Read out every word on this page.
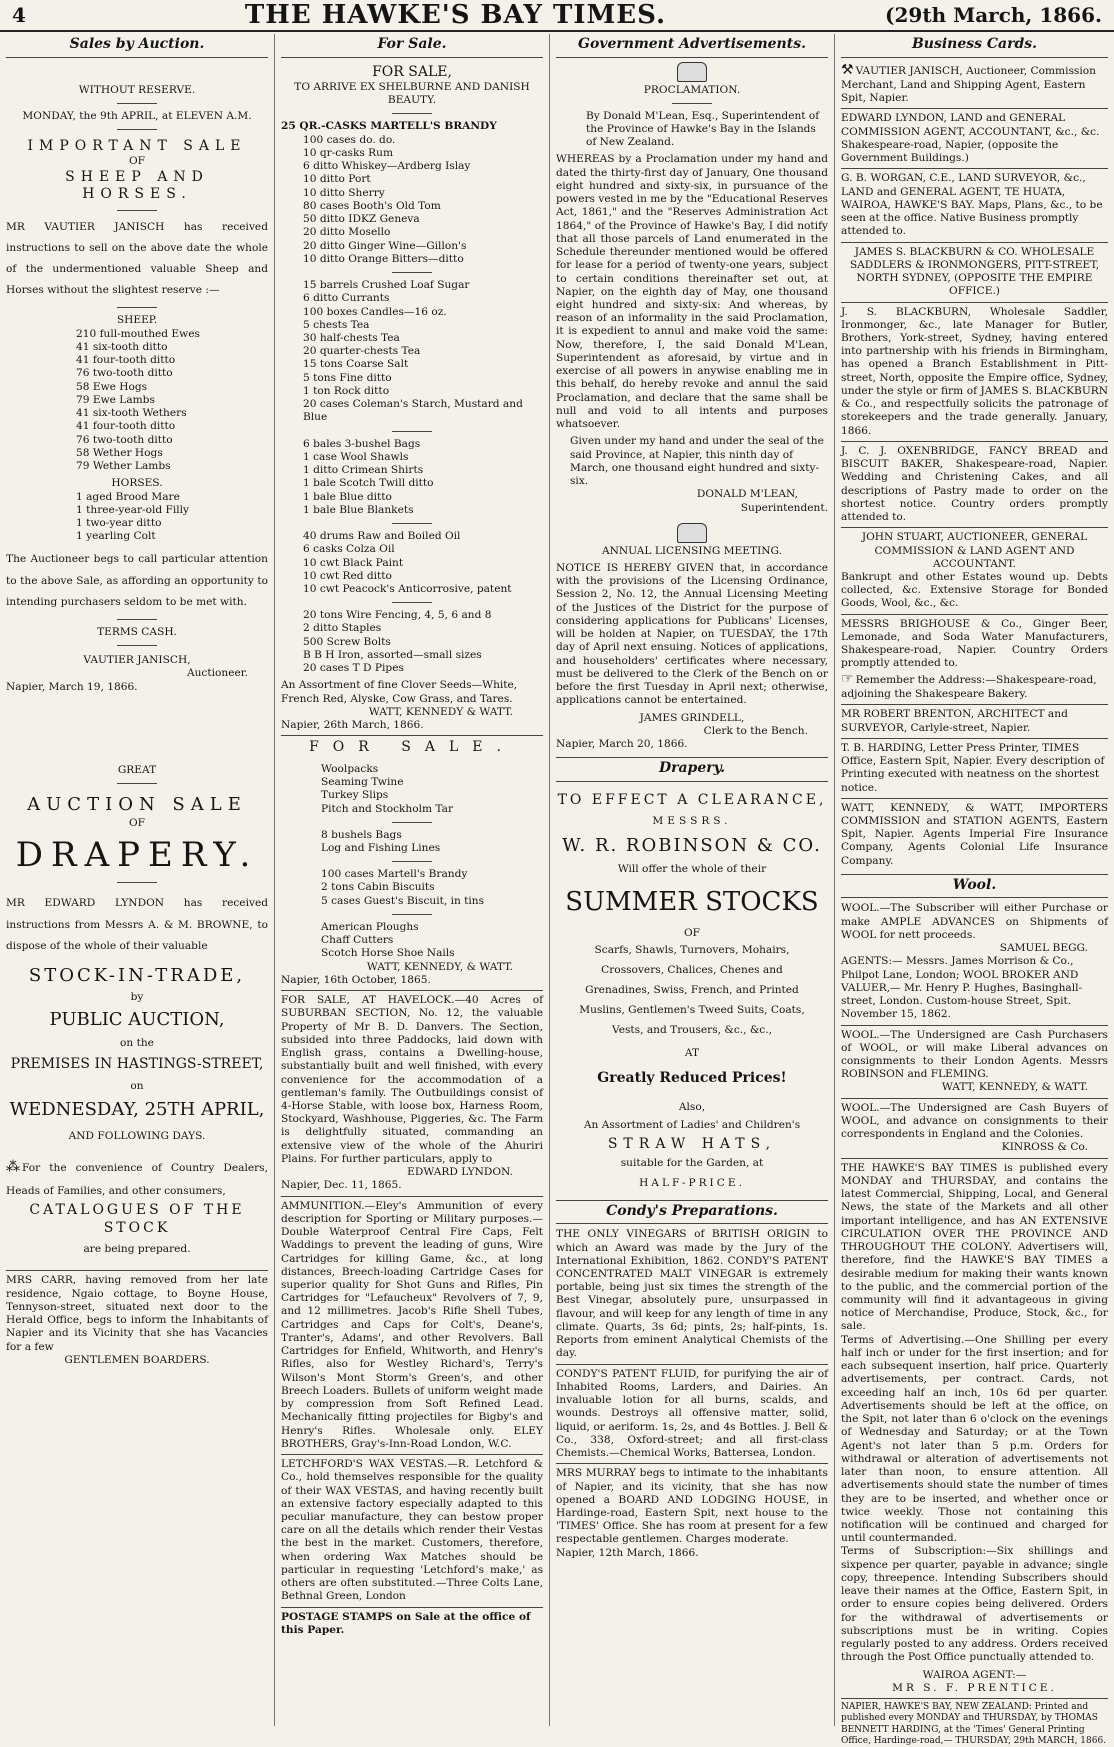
4	THE HAWKE'S BAY TIMES.	(29th March, 1866.
Sales by Auction.
WITHOUT RESERVE.
MONDAY, the 9th APRIL, at ELEVEN A.M.
IMPORTANT SALE
OF
SHEEP AND HORSES.
MR VAUTIER JANISCH has received instructions to sell on the above date the whole of the undermentioned valuable Sheep and Horses without the slightest reserve :—
SHEEP.
210 full-mouthed Ewes
41 six-tooth ditto
41 four-tooth ditto
76 two-tooth ditto
58 Ewe Hogs
79 Ewe Lambs
41 six-tooth Wethers
41 four-tooth ditto
76 two-tooth ditto
58 Wether Hogs
79 Wether Lambs
HORSES.
1 aged Brood Mare
1 three-year-old Filly
1 two-year ditto
1 yearling Colt
The Auctioneer begs to call particular attention to the above Sale, as affording an opportunity to intending purchasers seldom to be met with.
TERMS CASH.
VAUTIER JANISCH,
Auctioneer.
Napier, March 19, 1866.
GREAT
AUCTION SALE
OF
DRAPERY.
MR EDWARD LYNDON has received instructions from Messrs A. & M. BROWNE, to dispose of the whole of their valuable
STOCK-IN-TRADE,
by
PUBLIC AUCTION,
on the
PREMISES IN HASTINGS-STREET,
on
WEDNESDAY, 25TH APRIL,
AND FOLLOWING DAYS.
⁂ For the convenience of Country Dealers, Heads of Families, and other consumers,
CATALOGUES OF THE STOCK
are being prepared.
MRS CARR, having removed from her late residence, Ngaio cottage, to Boyne House, Tennyson-street, situated next door to the Herald Office, begs to inform the Inhabitants of Napier and its Vicinity that she has Vacancies for a few
GENTLEMEN BOARDERS.
For Sale.
FOR SALE,
TO ARRIVE EX SHELBURNE AND DANISH BEAUTY.
25 QR.-CASKS MARTELL'S BRANDY
100 cases do. do.
10 qr-casks Rum
6 ditto Whiskey—Ardberg Islay
10 ditto Port
10 ditto Sherry
80 cases Booth's Old Tom
50 ditto IDKZ Geneva
20 ditto Mosello
20 ditto Ginger Wine—Gillon's
10 ditto Orange Bitters—ditto
15 barrels Crushed Loaf Sugar
6 ditto Currants
100 boxes Candles—16 oz.
5 chests Tea
30 half-chests Tea
20 quarter-chests Tea
15 tons Coarse Salt
5 tons Fine ditto
1 ton Rock ditto
20 cases Coleman's Starch, Mustard and Blue
6 bales 3-bushel Bags
1 case Wool Shawls
1 ditto Crimean Shirts
1 bale Scotch Twill ditto
1 bale Blue ditto
1 bale Blue Blankets
40 drums Raw and Boiled Oil
6 casks Colza Oil
10 cwt Black Paint
10 cwt Red ditto
10 cwt Peacock's Anticorrosive, patent
20 tons Wire Fencing, 4, 5, 6 and 8
2 ditto Staples
500 Screw Bolts
B B H Iron, assorted—small sizes
20 cases T D Pipes
An Assortment of fine Clover Seeds—White, French Red, Alyske, Cow Grass, and Tares.
WATT, KENNEDY & WATT.
Napier, 26th March, 1866.
FOR SALE.
Woolpacks
Seaming Twine
Turkey Slips
Pitch and Stockholm Tar
8 bushels Bags
Log and Fishing Lines
100 cases Martell's Brandy
2 tons Cabin Biscuits
5 cases Guest's Biscuit, in tins
American Ploughs
Chaff Cutters
Scotch Horse Shoe Nails
WATT, KENNEDY, & WATT.
Napier, 16th October, 1865.
FOR SALE, AT HAVELOCK.—40 Acres of SUBURBAN SECTION, No. 12, the valuable Property of Mr B. D. Danvers. The Section, subsided into three Paddocks, laid down with English grass, contains a Dwelling-house, substantially built and well finished, with every convenience for the accommodation of a gentleman's family. The Outbuildings consist of 4-Horse Stable, with loose box, Harness Room, Stockyard, Washhouse, Piggeries, &c. The Farm is delightfully situated, commanding an extensive view of the whole of the Ahuriri Plains. For further particulars, apply to
EDWARD LYNDON.
Napier, Dec. 11, 1865.
AMMUNITION.—Eley's Ammunition of every description for Sporting or Military purposes.—Double Waterproof Central Fire Caps, Felt Waddings to prevent the leading of guns, Wire Cartridges for killing Game, &c., at long distances, Breech-loading Cartridge Cases for superior quality for Shot Guns and Rifles, Pin Cartridges for "Lefaucheux" Revolvers of 7, 9, and 12 millimetres. Jacob's Rifle Shell Tubes, Cartridges and Caps for Colt's, Deane's, Tranter's, Adams', and other Revolvers. Ball Cartridges for Enfield, Whitworth, and Henry's Rifles, also for Westley Richard's, Terry's Wilson's Mont Storm's Green's, and other Breech Loaders. Bullets of uniform weight made by compression from Soft Refined Lead. Mechanically fitting projectiles for Bigby's and Henry's Rifles. Wholesale only. ELEY BROTHERS, Gray's-Inn-Road London, W.C.
LETCHFORD'S WAX VESTAS.—R. Letchford & Co., hold themselves responsible for the quality of their WAX VESTAS, and having recently built an extensive factory especially adapted to this peculiar manufacture, they can bestow proper care on all the details which render their Vestas the best in the market. Customers, therefore, when ordering Wax Matches should be particular in requesting 'Letchford's make,' as others are often substituted.—Three Colts Lane, Bethnal Green, London
POSTAGE STAMPS on Sale at the office of this Paper.
Government Advertisements.
PROCLAMATION.
By Donald M'Lean, Esq., Superintendent of the Province of Hawke's Bay in the Islands of New Zealand.
WHEREAS by a Proclamation under my hand and dated the thirty-first day of January, One thousand eight hundred and sixty-six, in pursuance of the powers vested in me by the "Educational Reserves Act, 1861," and the "Reserves Administration Act 1864," of the Province of Hawke's Bay, I did notify that all those parcels of Land enumerated in the Schedule thereunder mentioned would be offered for lease for a period of twenty-one years, subject to certain conditions thereinafter set out, at Napier, on the eighth day of May, one thousand eight hundred and sixty-six: And whereas, by reason of an informality in the said Proclamation, it is expedient to annul and make void the same: Now, therefore, I, the said Donald M'Lean, Superintendent as aforesaid, by virtue and in exercise of all powers in anywise enabling me in this behalf, do hereby revoke and annul the said Proclamation, and declare that the same shall be null and void to all intents and purposes whatsoever.
Given under my hand and under the seal of the said Province, at Napier, this ninth day of March, one thousand eight hundred and sixty-six.
DONALD M'LEAN,
Superintendent.
ANNUAL LICENSING MEETING.
NOTICE IS HEREBY GIVEN that, in accordance with the provisions of the Licensing Ordinance, Session 2, No. 12, the Annual Licensing Meeting of the Justices of the District for the purpose of considering applications for Publicans' Licenses, will be holden at Napier, on TUESDAY, the 17th day of April next ensuing. Notices of applications, and householders' certificates where necessary, must be delivered to the Clerk of the Bench on or before the first Tuesday in April next; otherwise, applications cannot be entertained.
JAMES GRINDELL,
Clerk to the Bench.
Napier, March 20, 1866.
Drapery.
TO EFFECT A CLEARANCE,
MESSRS.
W. R. ROBINSON & CO.
Will offer the whole of their
SUMMER STOCKS
OF
Scarfs, Shawls, Turnovers, Mohairs, Crossovers, Chalices, Chenes and Grenadines, Swiss, French, and Printed Muslins, Gentlemen's Tweed Suits, Coats, Vests, and Trousers, &c., &c.,
AT
Greatly Reduced Prices!
Also,
An Assortment of Ladies' and Children's
STRAW HATS,
suitable for the Garden, at
HALF-PRICE.
Condy's Preparations.
THE ONLY VINEGARS of BRITISH ORIGIN to which an Award was made by the Jury of the International Exhibition, 1862. CONDY'S PATENT CONCENTRATED MALT VINEGAR is extremely portable, being just six times the strength of the Best Vinegar, absolutely pure, unsurpassed in flavour, and will keep for any length of time in any climate. Quarts, 3s 6d; pints, 2s; half-pints, 1s. Reports from eminent Analytical Chemists of the day.
CONDY'S PATENT FLUID, for purifying the air of Inhabited Rooms, Larders, and Dairies. An invaluable lotion for all burns, scalds, and wounds. Destroys all offensive matter, solid, liquid, or aeriform. 1s, 2s, and 4s Bottles. J. Bell & Co., 338, Oxford-street; and all first-class Chemists.—Chemical Works, Battersea, London.
MRS MURRAY begs to intimate to the inhabitants of Napier, and its vicinity, that she has now opened a BOARD AND LODGING HOUSE, in Hardinge-road, Eastern Spit, next house to the 'TIMES' Office. She has room at present for a few respectable gentlemen. Charges moderate.
Napier, 12th March, 1866.
Business Cards.
⚒ VAUTIER JANISCH, Auctioneer, Commission Merchant, Land and Shipping Agent, Eastern Spit, Napier.
EDWARD LYNDON, LAND and GENERAL COMMISSION AGENT, ACCOUNTANT, &c., &c. Shakespeare-road, Napier, (opposite the Government Buildings.)
G. B. WORGAN, C.E., LAND SURVEYOR, &c., LAND and GENERAL AGENT, TE HUATA, WAIROA, HAWKE'S BAY. Maps, Plans, &c., to be seen at the office. Native Business promptly attended to.
JAMES S. BLACKBURN & CO. WHOLESALE SADDLERS & IRONMONGERS, PITT-STREET, NORTH SYDNEY, (OPPOSITE THE EMPIRE OFFICE.)
J. S. BLACKBURN, Wholesale Saddler, Ironmonger, &c., late Manager for Butler, Brothers, York-street, Sydney, having entered into partnership with his friends in Birmingham, has opened a Branch Establishment in Pitt-street, North, opposite the Empire office, Sydney, under the style or firm of JAMES S. BLACKBURN & Co., and respectfully solicits the patronage of storekeepers and the trade generally. January, 1866.
J. C. J. OXENBRIDGE, FANCY BREAD and BISCUIT BAKER, Shakespeare-road, Napier. Wedding and Christening Cakes, and all descriptions of Pastry made to order on the shortest notice. Country orders promptly attended to.
JOHN STUART, AUCTIONEER, GENERAL COMMISSION & LAND AGENT AND ACCOUNTANT.
Bankrupt and other Estates wound up. Debts collected, &c. Extensive Storage for Bonded Goods, Wool, &c., &c.
MESSRS BRIGHOUSE & Co., Ginger Beer, Lemonade, and Soda Water Manufacturers, Shakespeare-road, Napier. Country Orders promptly attended to.
☞ Remember the Address:—Shakespeare-road, adjoining the Shakespeare Bakery.
MR ROBERT BRENTON, ARCHITECT and SURVEYOR, Carlyle-street, Napier.
T. B. HARDING, Letter Press Printer, TIMES Office, Eastern Spit, Napier. Every description of Printing executed with neatness on the shortest notice.
WATT, KENNEDY, & WATT, IMPORTERS COMMISSION and STATION AGENTS, Eastern Spit, Napier. Agents Imperial Fire Insurance Company, Agents Colonial Life Insurance Company.
Wool.
WOOL.—The Subscriber will either Purchase or make AMPLE ADVANCES on Shipments of WOOL for nett proceeds.
SAMUEL BEGG.
AGENTS:— Messrs. James Morrison & Co., Philpot Lane, London; WOOL BROKER AND VALUER,— Mr. Henry P. Hughes, Basinghall-street, London. Custom-house Street, Spit. November 15, 1862.
WOOL.—The Undersigned are Cash Purchasers of WOOL, or will make Liberal advances on consignments to their London Agents. Messrs ROBINSON and FLEMING.
WATT, KENNEDY, & WATT.
WOOL.—The Undersigned are Cash Buyers of WOOL, and advance on consignments to their correspondents in England and the Colonies.
KINROSS & Co.
THE HAWKE'S BAY TIMES is published every MONDAY and THURSDAY, and contains the latest Commercial, Shipping, Local, and General News, the state of the Markets and all other important intelligence, and has AN EXTENSIVE CIRCULATION OVER THE PROVINCE AND THROUGHOUT THE COLONY. Advertisers will, therefore, find the HAWKE'S BAY TIMES a desirable medium for making their wants known to the public, and the commercial portion of the community will find it advantageous in giving notice of Merchandise, Produce, Stock, &c., for sale.
Terms of Advertising.—One Shilling per every half inch or under for the first insertion; and for each subsequent insertion, half price. Quarterly advertisements, per contract. Cards, not exceeding half an inch, 10s 6d per quarter. Advertisements should be left at the office, on the Spit, not later than 6 o'clock on the evenings of Wednesday and Saturday; or at the Town Agent's not later than 5 p.m. Orders for withdrawal or alteration of advertisements not later than noon, to ensure attention. All advertisements should state the number of times they are to be inserted, and whether once or twice weekly. Those not containing this notification will be continued and charged for until countermanded.
Terms of Subscription:—Six shillings and sixpence per quarter, payable in advance; single copy, threepence. Intending Subscribers should leave their names at the Office, Eastern Spit, in order to ensure copies being delivered. Orders for the withdrawal of advertisements or subscriptions must be in writing. Copies regularly posted to any address. Orders received through the Post Office punctually attended to.
WAIROA AGENT:—
MR S. F. PRENTICE.
NAPIER, HAWKE'S BAY, NEW ZEALAND: Printed and published every MONDAY and THURSDAY, by THOMAS BENNETT HARDING, at the 'Times' General Printing Office, Hardinge-road,— THURSDAY, 29th MARCH, 1866.
